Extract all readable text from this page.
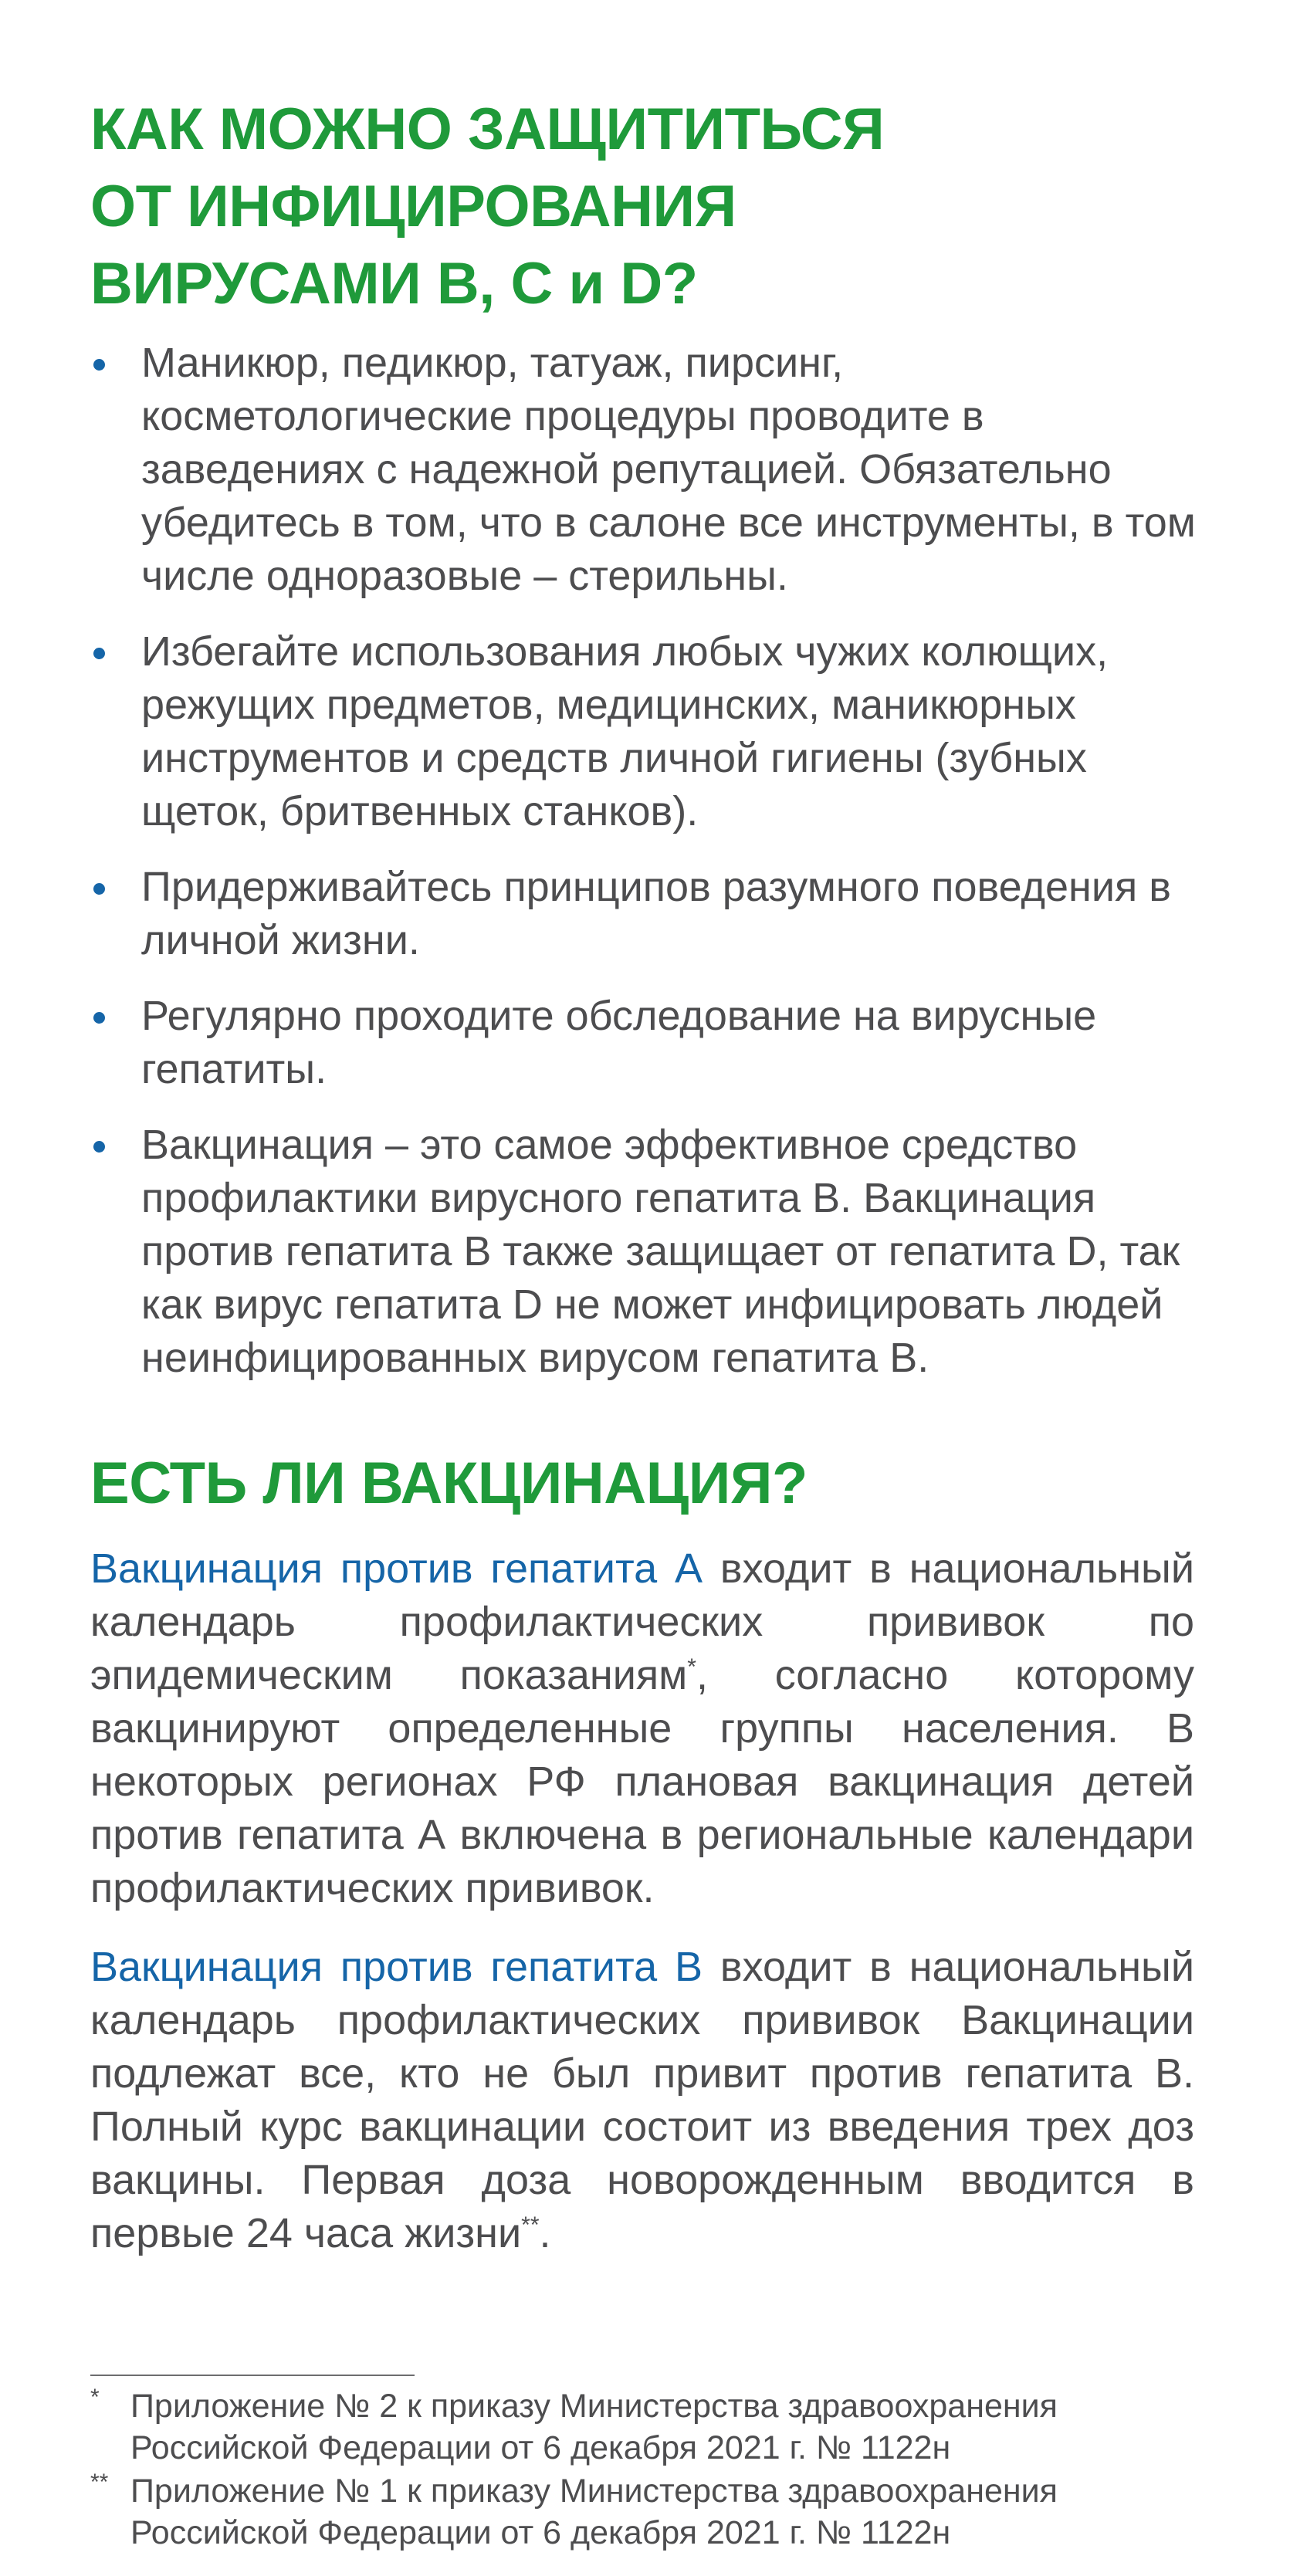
КАК МОЖНО ЗАЩИТИТЬСЯ
ОТ ИНФИЦИРОВАНИЯ
ВИРУСАМИ В, С и D?
Маникюр, педикюр, татуаж, пирсинг, косметологические процедуры проводите в заведениях с надежной репутацией. Обязательно убедитесь в том, что в салоне все инструменты, в том числе одноразовые – стерильны.
Избегайте использования любых чужих колющих, режущих предметов, медицинских, маникюрных инструментов и средств личной гигиены (зубных щеток, бритвенных станков).
Придерживайтесь принципов разумного поведения в личной жизни.
Регулярно проходите обследование на вирусные гепатиты.
Вакцинация – это самое эффективное средство профилактики вирусного гепатита В. Вакцинация против гепатита В также защищает от гепатита D, так как вирус гепатита D не может инфицировать людей неинфицированных вирусом гепатита В.
ЕСТЬ ЛИ ВАКЦИНАЦИЯ?

Вакцинация против гепатита А входит в национальный календарь профилактических прививок по эпидемическим показаниям*, согласно которому вакцинируют определенные группы населения. В некоторых регионах РФ плановая вакцинация детей против гепатита А включена в региональные календари профилактических прививок.

Вакцинация против гепатита В входит в национальный календарь профилактических прививок Вакцинации подлежат все, кто не был привит против гепатита В. Полный курс вакцинации состоит из введения трех доз вакцины. Первая доза новорожденным вводится в первые 24 часа жизни**.

* Приложение № 2 к приказу Министерства здравоохранения Российской Федерации от 6 декабря 2021 г. № 1122н
** Приложение № 1 к приказу Министерства здравоохранения Российской Федерации от 6 декабря 2021 г. № 1122н
